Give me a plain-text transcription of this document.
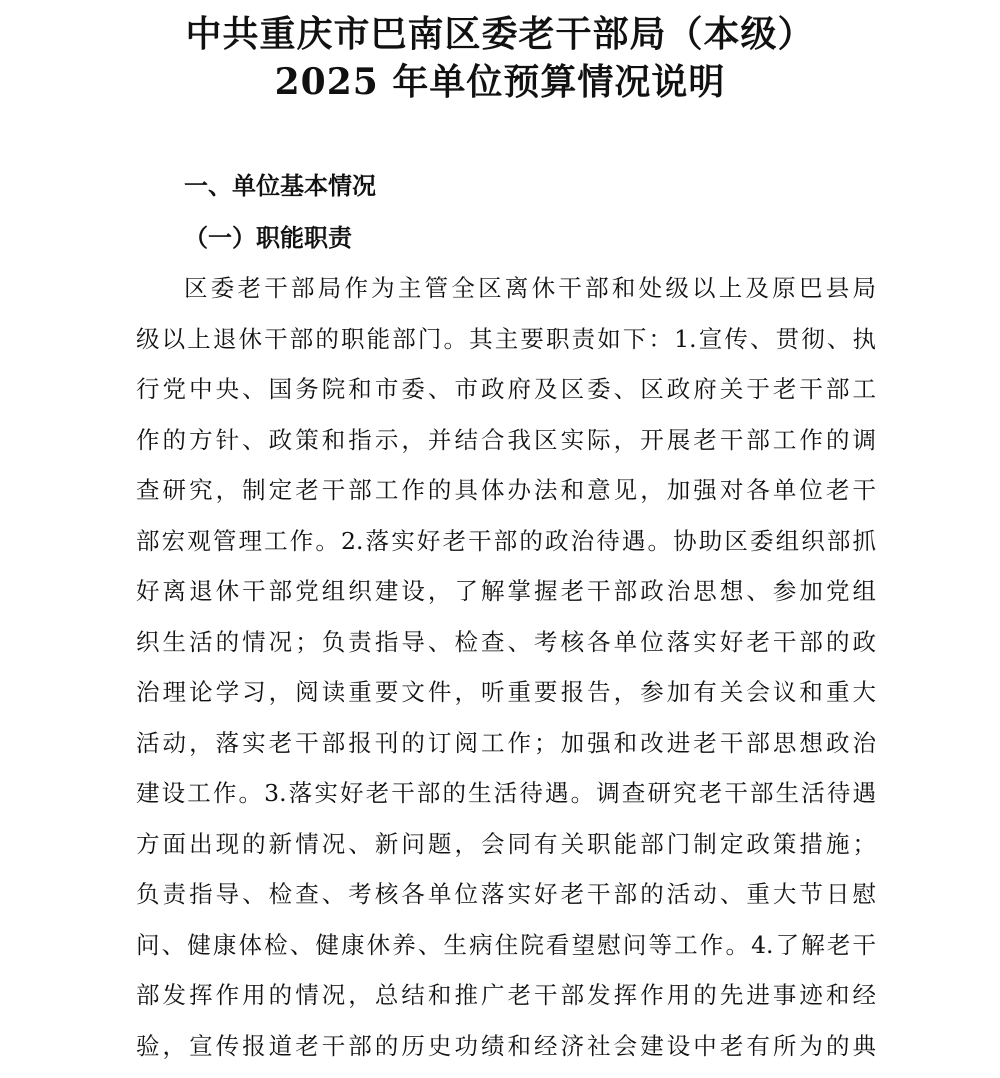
中共重庆市巴南区委老干部局（本级）
2025 年单位预算情况说明
一、单位基本情况
（一）职能职责
区委老干部局作为主管全区离休干部和处级以上及原巴县局
级以上退休干部的职能部门。其主要职责如下：1.宣传、贯彻、执
行党中央、国务院和市委、市政府及区委、区政府关于老干部工
作的方针、政策和指示，并结合我区实际，开展老干部工作的调
查研究，制定老干部工作的具体办法和意见，加强对各单位老干
部宏观管理工作。2.落实好老干部的政治待遇。协助区委组织部抓
好离退休干部党组织建设，了解掌握老干部政治思想、参加党组
织生活的情况；负责指导、检查、考核各单位落实好老干部的政
治理论学习，阅读重要文件，听重要报告，参加有关会议和重大
活动，落实老干部报刊的订阅工作；加强和改进老干部思想政治
建设工作。3.落实好老干部的生活待遇。调查研究老干部生活待遇
方面出现的新情况、新问题，会同有关职能部门制定政策措施；
负责指导、检查、考核各单位落实好老干部的活动、重大节日慰
问、健康体检、健康休养、生病住院看望慰问等工作。4.了解老干
部发挥作用的情况，总结和推广老干部发挥作用的先进事迹和经
验，宣传报道老干部的历史功绩和经济社会建设中老有所为的典
